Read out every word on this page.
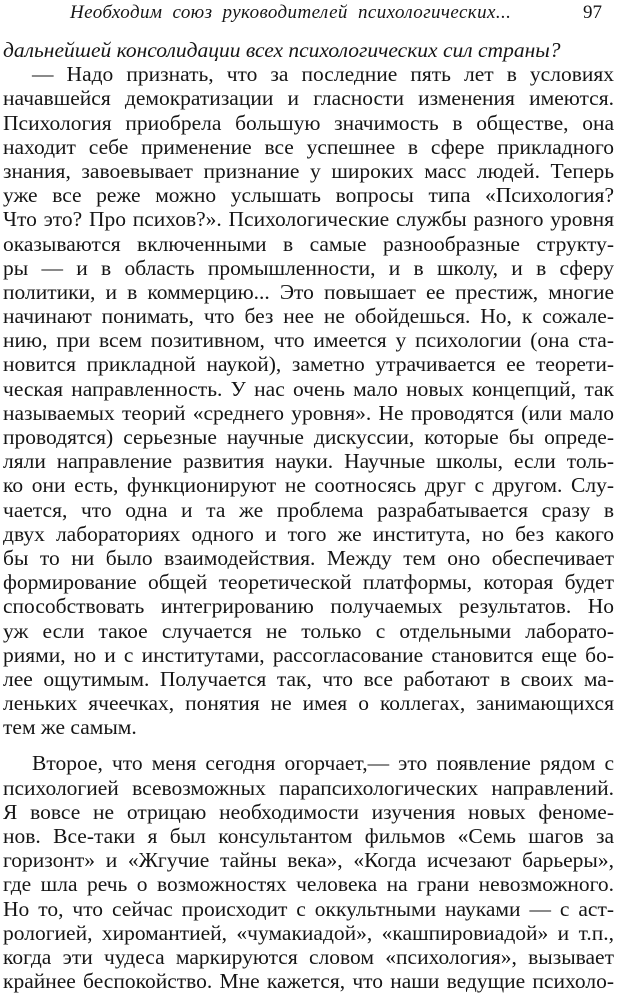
Необходим союз руководителей психологических...	97
дальнейшей консолидации всех психологических сил страны?
— Надо признать, что за последние пять лет в условиях
начавшейся демократизации и гласности изменения имеются.
Психология приобрела большую значимость в обществе, она
находит себе применение все успешнее в сфере прикладного
знания, завоевывает признание у широких масс людей. Теперь
уже все реже можно услышать вопросы типа «Психология?
Что это? Про психов?». Психологические службы разного уровня
оказываются включенными в самые разнообразные структу-
ры — и в область промышленности, и в школу, и в сферу
политики, и в коммерцию... Это повышает ее престиж, многие
начинают понимать, что без нее не обойдешься. Но, к сожале-
нию, при всем позитивном, что имеется у психологии (она ста-
новится прикладной наукой), заметно утрачивается ее теорети-
ческая направленность. У нас очень мало новых концепций, так
называемых теорий «среднего уровня». Не проводятся (или мало
проводятся) серьезные научные дискуссии, которые бы опреде-
ляли направление развития науки. Научные школы, если толь-
ко они есть, функционируют не соотносясь друг с другом. Слу-
чается, что одна и та же проблема разрабатывается сразу в
двух лабораториях одного и того же института, но без какого
бы то ни было взаимодействия. Между тем оно обеспечивает
формирование общей теоретической платформы, которая будет
способствовать интегрированию получаемых результатов. Но
уж если такое случается не только с отдельными лаборато-
риями, но и с институтами, рассогласование становится еще бо-
лее ощутимым. Получается так, что все работают в своих ма-
леньких ячеечках, понятия не имея о коллегах, занимающихся
тем же самым.
Второе, что меня сегодня огорчает,— это появление рядом с
психологией всевозможных парапсихологических направлений.
Я вовсе не отрицаю необходимости изучения новых феноме-
нов. Все-таки я был консультантом фильмов «Семь шагов за
горизонт» и «Жгучие тайны века», «Когда исчезают барьеры»,
где шла речь о возможностях человека на грани невозможного.
Но то, что сейчас происходит с оккультными науками — с аст-
рологией, хиромантией, «чумакиадой», «кашпировиадой» и т.п.,
когда эти чудеса маркируются словом «психология», вызывает
крайнее беспокойство. Мне кажется, что наши ведущие психоло-
